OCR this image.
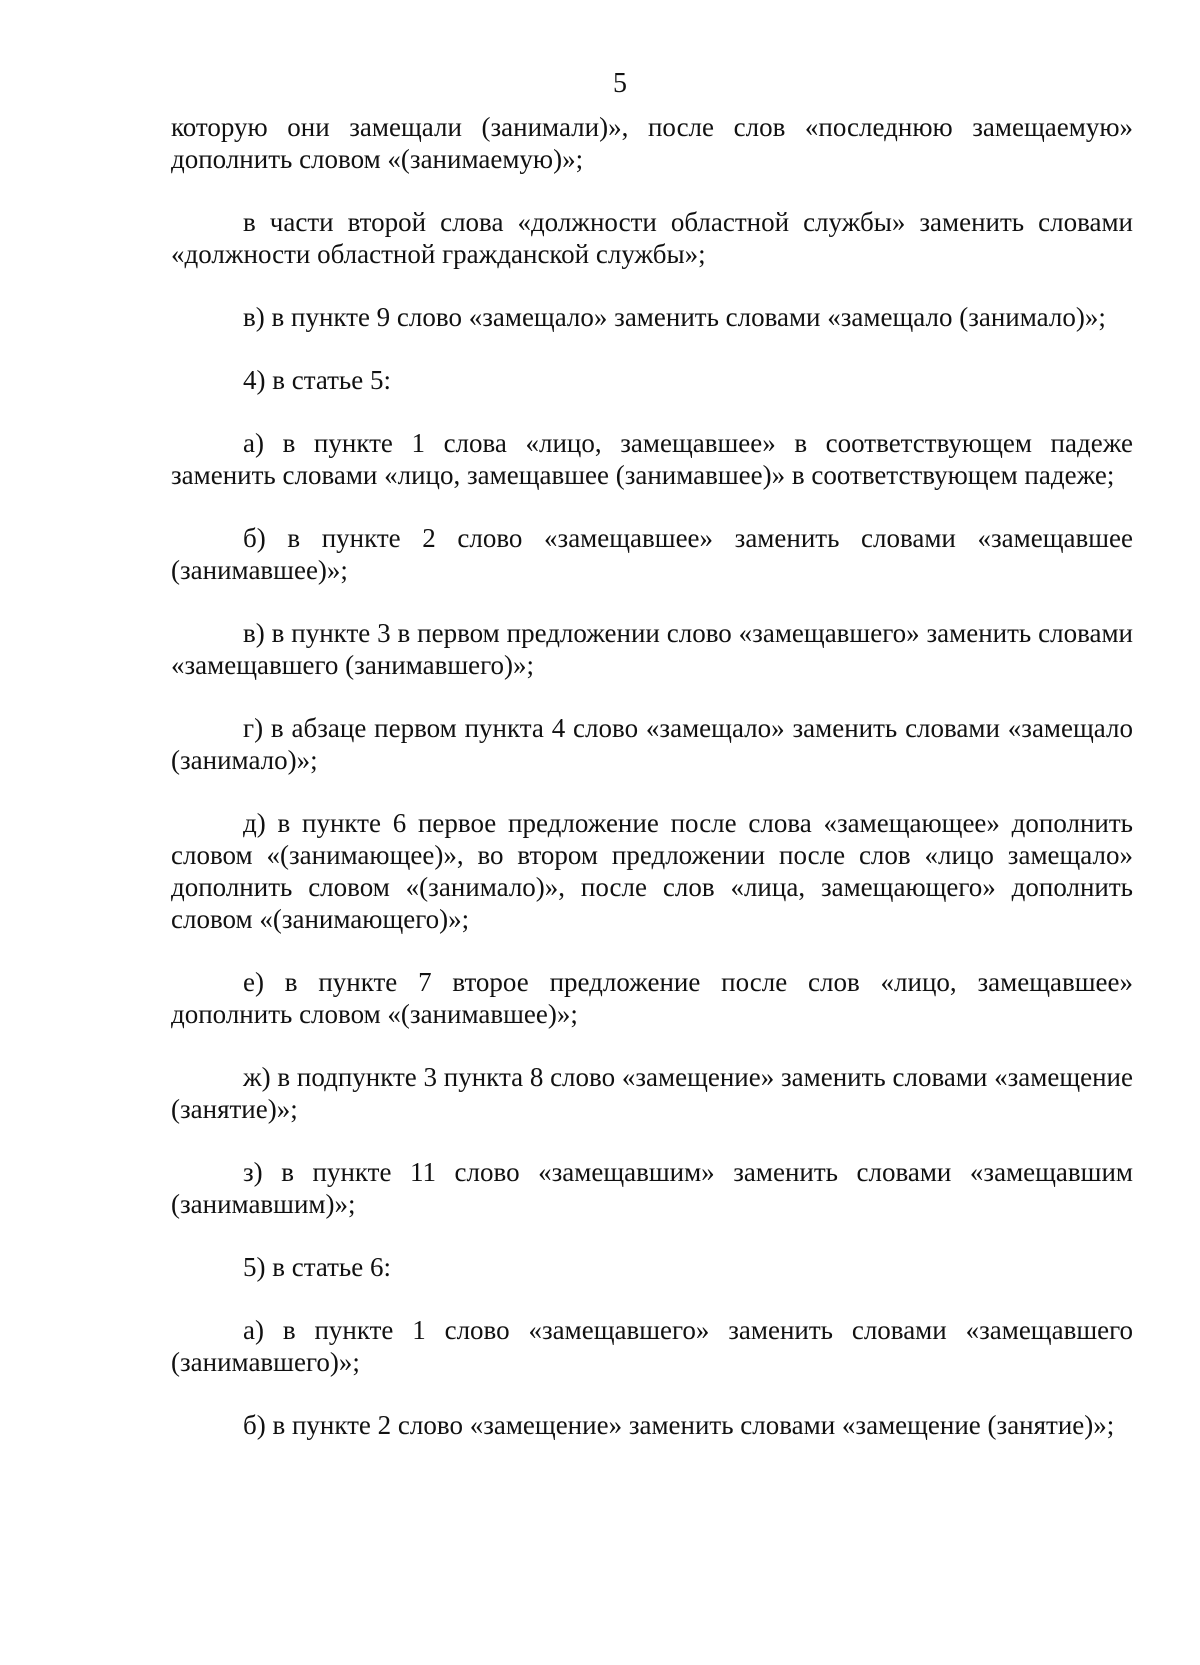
5

которую они замещали (занимали)», после слов «последнюю замещаемую» дополнить словом «(занимаемую)»;

в части второй слова «должности областной службы» заменить словами «должности областной гражданской службы»;

в) в пункте 9 слово «замещало» заменить словами «замещало (занимало)»;

4) в статье 5:

а) в пункте 1 слова «лицо, замещавшее» в соответствующем падеже заменить словами «лицо, замещавшее (занимавшее)» в соответствующем падеже;

б) в пункте 2 слово «замещавшее» заменить словами «замещавшее (занимавшее)»;

в) в пункте 3 в первом предложении слово «замещавшего» заменить словами «замещавшего (занимавшего)»;

г) в абзаце первом пункта 4 слово «замещало» заменить словами «замещало (занимало)»;

д) в пункте 6 первое предложение после слова «замещающее» дополнить словом «(занимающее)», во втором предложении после слов «лицо замещало» дополнить словом «(занимало)», после слов «лица, замещающего» дополнить словом «(занимающего)»;

е) в пункте 7 второе предложение после слов «лицо, замещавшее» дополнить словом «(занимавшее)»;

ж) в подпункте 3 пункта 8 слово «замещение» заменить словами «замещение (занятие)»;

з) в пункте 11 слово «замещавшим» заменить словами «замещавшим (занимавшим)»;

5) в статье 6:

а) в пункте 1 слово «замещавшего» заменить словами «замещавшего (занимавшего)»;

б) в пункте 2 слово «замещение» заменить словами «замещение (занятие)»;
